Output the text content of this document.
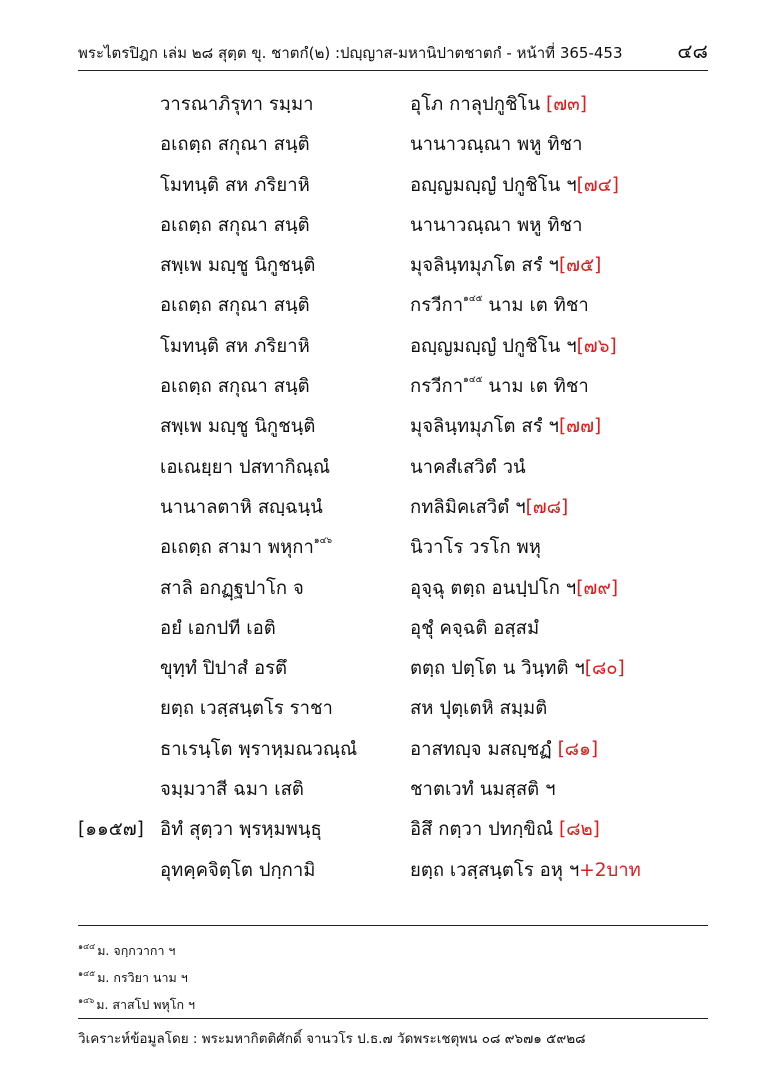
พระไตรปิฎก เล่ม ๒๘ สุตฺต ขุ. ชาตกํ(๒) :ปญฺญาส-มหานิปาตชาตกํ - หน้าที่ 365-453	๔๘
วารณาภิรุทา รมฺมา	อุโภ กาลุปกูชิโน [๗๓]
อเถตฺถ สกุณา สนฺติ	นานาวณฺณา พหู ทิชา
โมทนฺติ สห ภริยาหิ	อญฺญมญฺญํ ปกูชิโน ฯ[๗๔]
อเถตฺถ สกุณา สนฺติ	นานาวณฺณา พหู ทิชา
สพฺเพ มญฺชู นิกูชนฺติ	มุจลินฺทมุภโต สรํ ฯ[๗๕]
อเถตฺถ สกุณา สนฺติ	กรวีกา$^{๑๔๕}$ นาม เต ทิชา
โมทนฺติ สห ภริยาหิ	อญฺญมญฺญํ ปกูชิโน ฯ[๗๖]
อเถตฺถ สกุณา สนฺติ	กรวีกา$^{๑๔๕}$ นาม เต ทิชา
สพฺเพ มญฺชู นิกูชนฺติ	มุจลินฺทมุภโต สรํ ฯ[๗๗]
เอเณยฺยา ปสทากิณฺณํ	นาคสํเสวิตํ วนํ
นานาลตาหิ สญฺฉนฺนํ	กทลิมิคเสวิตํ ฯ[๗๘]
อเถตฺถ สามา พหุกา$^{๑๔๖}$	นิวาโร วรโก พหุ
สาลิ อกฏฺฐปาโก จ	อุจฺฉุ ตตฺถ อนปฺปโก ฯ[๗๙]
อยํ เอกปที เอติ	อุชุํ คจฺฉติ อสฺสมํ
ขุทฺทํ ปิปาสํ อรตึ	ตตฺถ ปตฺโต น วินฺทติ ฯ[๘๐]
ยตฺถ เวสฺสนฺตโร ราชา	สห ปุตฺเตหิ สมฺมติ
ธาเรนฺโต พฺราหฺมณวณฺณํ	อาสทญฺจ มสญฺชฏํ [๘๑]
จมฺมวาสี ฉมา เสติ	ชาตเวทํ นมสฺสติ ฯ
[๑๑๕๗] อิทํ สุตฺวา พฺรหฺมพนฺธุ	อิสึ กตฺวา ปทกฺขิณํ [๘๒]
อุทคฺคจิตฺโต ปกฺกามิ	ยตฺถ เวสฺสนฺตโร อหุ ฯ+2บาท
$^{๑๔๔}$ ม. จกฺกวากา ฯ
$^{๑๔๕}$ ม. กรวิยา นาม ฯ
$^{๑๔๖}$ ม. สาสโป พหุโก ฯ
วิเคราะห์ข้อมูลโดย : พระมหากิตติศักดิ์ จานวโร ป.ธ.๗ วัดพระเชตุพน ๐๘ ๙๖๗๑ ๕๙๒๘
